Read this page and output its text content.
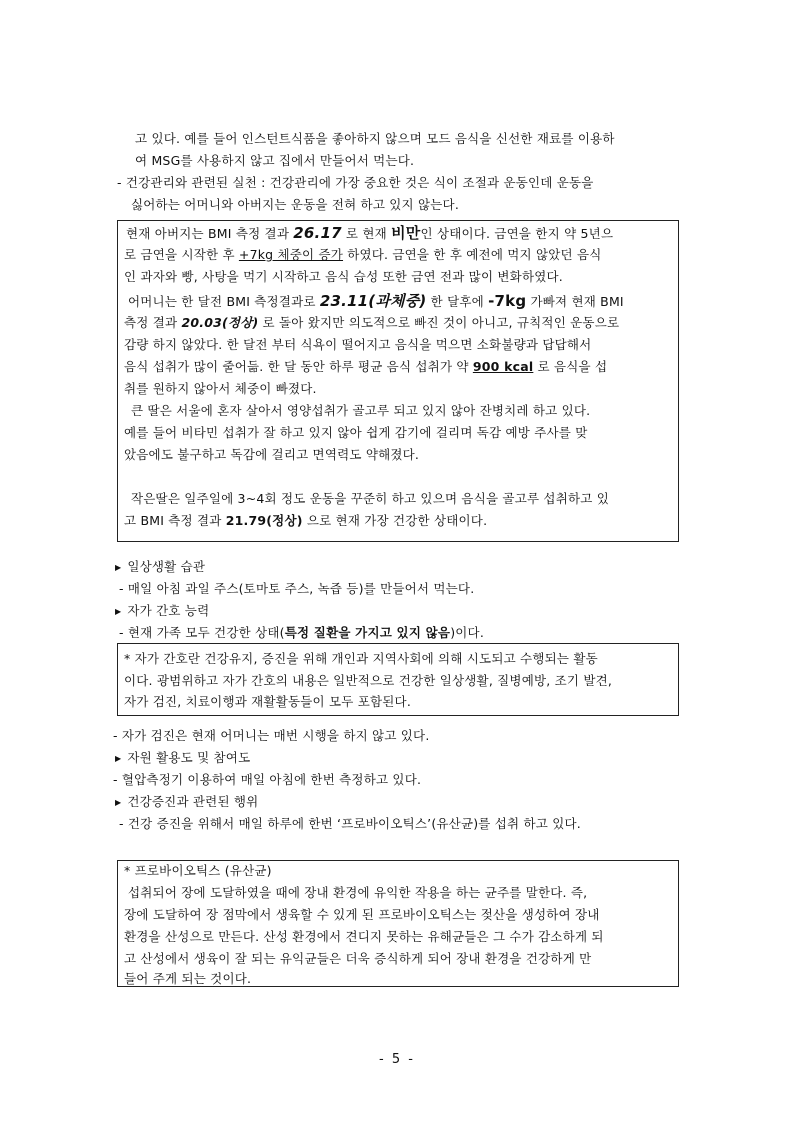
고 있다. 예를 들어 인스턴트식품을 좋아하지 않으며 모드 음식을 신선한 재료를 이용하
여 MSG를 사용하지 않고 집에서 만들어서 먹는다.
- 건강관리와 관련된 실천 : 건강관리에 가장 중요한 것은 식이 조절과 운동인데 운동을
싫어하는 어머니와 아버지는 운동을 전혀 하고 있지 않는다.
현재 아버지는 BMI 측정 결과 26.17 로 현재 비만인 상태이다. 금연을 한지 약 5년으
로 금연을 시작한 후 +7kg 체중이 증가 하였다. 금연을 한 후 예전에 먹지 않았던 음식
인 과자와 빵, 사탕을 먹기 시작하고 음식 습성 또한 금연 전과 많이 변화하였다.
어머니는 한 달전 BMI 측정결과로 23.11(과체중) 한 달후에 -7kg 가빠져 현재 BMI
측정 결과 20.03(정상) 로 돌아 왔지만 의도적으로 빠진 것이 아니고, 규칙적인 운동으로
감량 하지 않았다. 한 달전 부터 식욕이 떨어지고 음식을 먹으면 소화불량과 답답해서
음식 섭취가 많이 줄어듦. 한 달 동안 하루 평균 음식 섭취가 약 900 kcal 로 음식을 섭
취를 원하지 않아서 체중이 빠졌다.
큰 딸은 서울에 혼자 살아서 영양섭취가 골고루 되고 있지 않아 잔병치레 하고 있다.
예를 들어 비타민 섭취가 잘 하고 있지 않아 쉽게 감기에 걸리며 독감 예방 주사를 맞
았음에도 불구하고 독감에 걸리고 면역력도 약해졌다.
작은딸은 일주일에 3~4회 정도 운동을 꾸준히 하고 있으며 음식을 골고루 섭취하고 있
고 BMI 측정 결과 21.79(정상) 으로 현재 가장 건강한 상태이다.
▶ 일상생활 습관
- 매일 아침 과일 주스(토마토 주스, 녹즙 등)를 만들어서 먹는다.
▶ 자가 간호 능력
- 현재 가족 모두 건강한 상태(특정 질환을 가지고 있지 않음)이다.
* 자가 간호란 건강유지, 증진을 위해 개인과 지역사회에 의해 시도되고 수행되는 활동
이다. 광범위하고 자가 간호의 내용은 일반적으로 건강한 일상생활, 질병예방, 조기 발견,
자가 검진, 치료이행과 재활활동들이 모두 포함된다.
- 자가 검진은 현재 어머니는 매번 시행을 하지 않고 있다.
▶ 자원 활용도 및 참여도
- 혈압측정기 이용하여 매일 아침에 한번 측정하고 있다.
▶ 건강증진과 관련된 행위
- 건강 증진을 위해서 매일 하루에 한번 ‘프로바이오틱스’(유산균)를 섭취 하고 있다.
* 프로바이오틱스 (유산균)
섭취되어 장에 도달하였을 때에 장내 환경에 유익한 작용을 하는 균주를 말한다. 즉,
장에 도달하여 장 점막에서 생육할 수 있게 된 프로바이오틱스는 젖산을 생성하여 장내
환경을 산성으로 만든다. 산성 환경에서 견디지 못하는 유해균들은 그 수가 감소하게 되
고 산성에서 생육이 잘 되는 유익균들은 더욱 증식하게 되어 장내 환경을 건강하게 만
들어 주게 되는 것이다.
- 5 -
